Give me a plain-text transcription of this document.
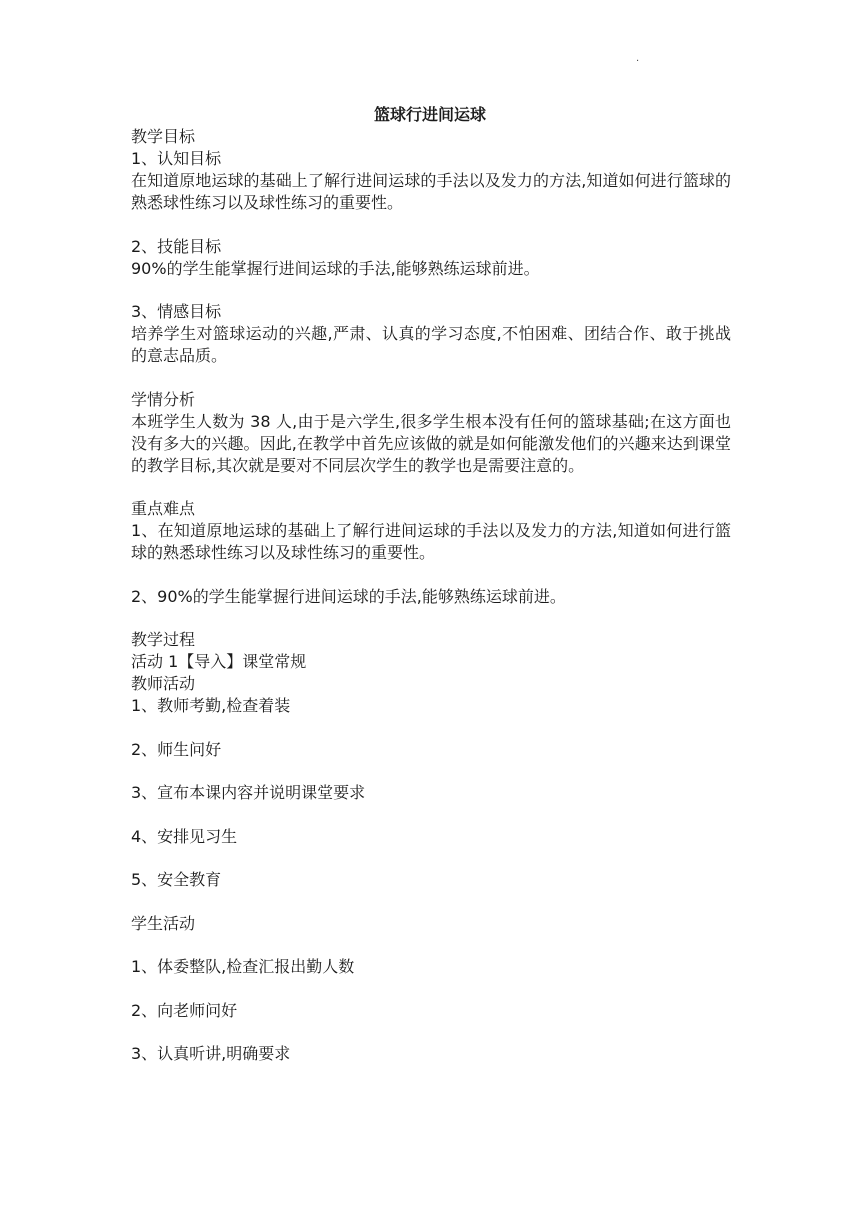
.
篮球行进间运球

教学目标

1、认知目标

在知道原地运球的基础上了解行进间运球的手法以及发力的方法,知道如何进行篮球的熟悉球性练习以及球性练习的重要性。

2、技能目标

90%的学生能掌握行进间运球的手法,能够熟练运球前进。

3、情感目标

培养学生对篮球运动的兴趣,严肃、认真的学习态度,不怕困难、团结合作、敢于挑战的意志品质。

学情分析

本班学生人数为 38 人,由于是六学生,很多学生根本没有任何的篮球基础;在这方面也没有多大的兴趣。因此,在教学中首先应该做的就是如何能激发他们的兴趣来达到课堂的教学目标,其次就是要对不同层次学生的教学也是需要注意的。

重点难点

1、在知道原地运球的基础上了解行进间运球的手法以及发力的方法,知道如何进行篮球的熟悉球性练习以及球性练习的重要性。

2、90%的学生能掌握行进间运球的手法,能够熟练运球前进。

教学过程

活动 1【导入】课堂常规

教师活动

1、教师考勤,检查着装

2、师生问好

3、宣布本课内容并说明课堂要求

4、安排见习生

5、安全教育

学生活动

1、体委整队,检查汇报出勤人数

2、向老师问好

3、认真听讲,明确要求
